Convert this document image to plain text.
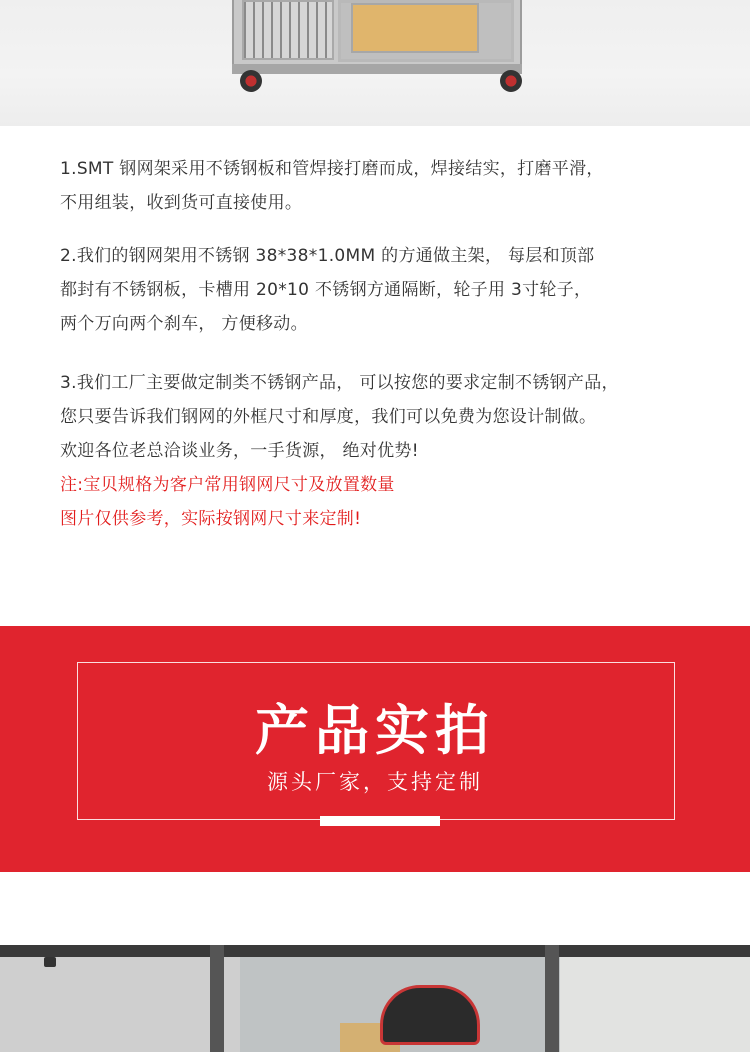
1.SMT 钢网架采用不锈钢板和管焊接打磨而成，焊接结实，打磨平滑，
不用组装，收到货可直接使用。

2.我们的钢网架用不锈钢 38*38*1.0MM 的方通做主架， 每层和顶部
都封有不锈钢板，卡槽用 20*10 不锈钢方通隔断，轮子用 3寸轮子，
两个万向两个刹车， 方便移动。

3.我们工厂主要做定制类不锈钢产品， 可以按您的要求定制不锈钢产品，
您只要告诉我们钢网的外框尺寸和厚度，我们可以免费为您设计制做。
欢迎各位老总洽谈业务，一手货源， 绝对优势!
注:宝贝规格为客户常用钢网尺寸及放置数量
图片仅供参考，实际按钢网尺寸来定制!

产品实拍
源头厂家，支持定制
